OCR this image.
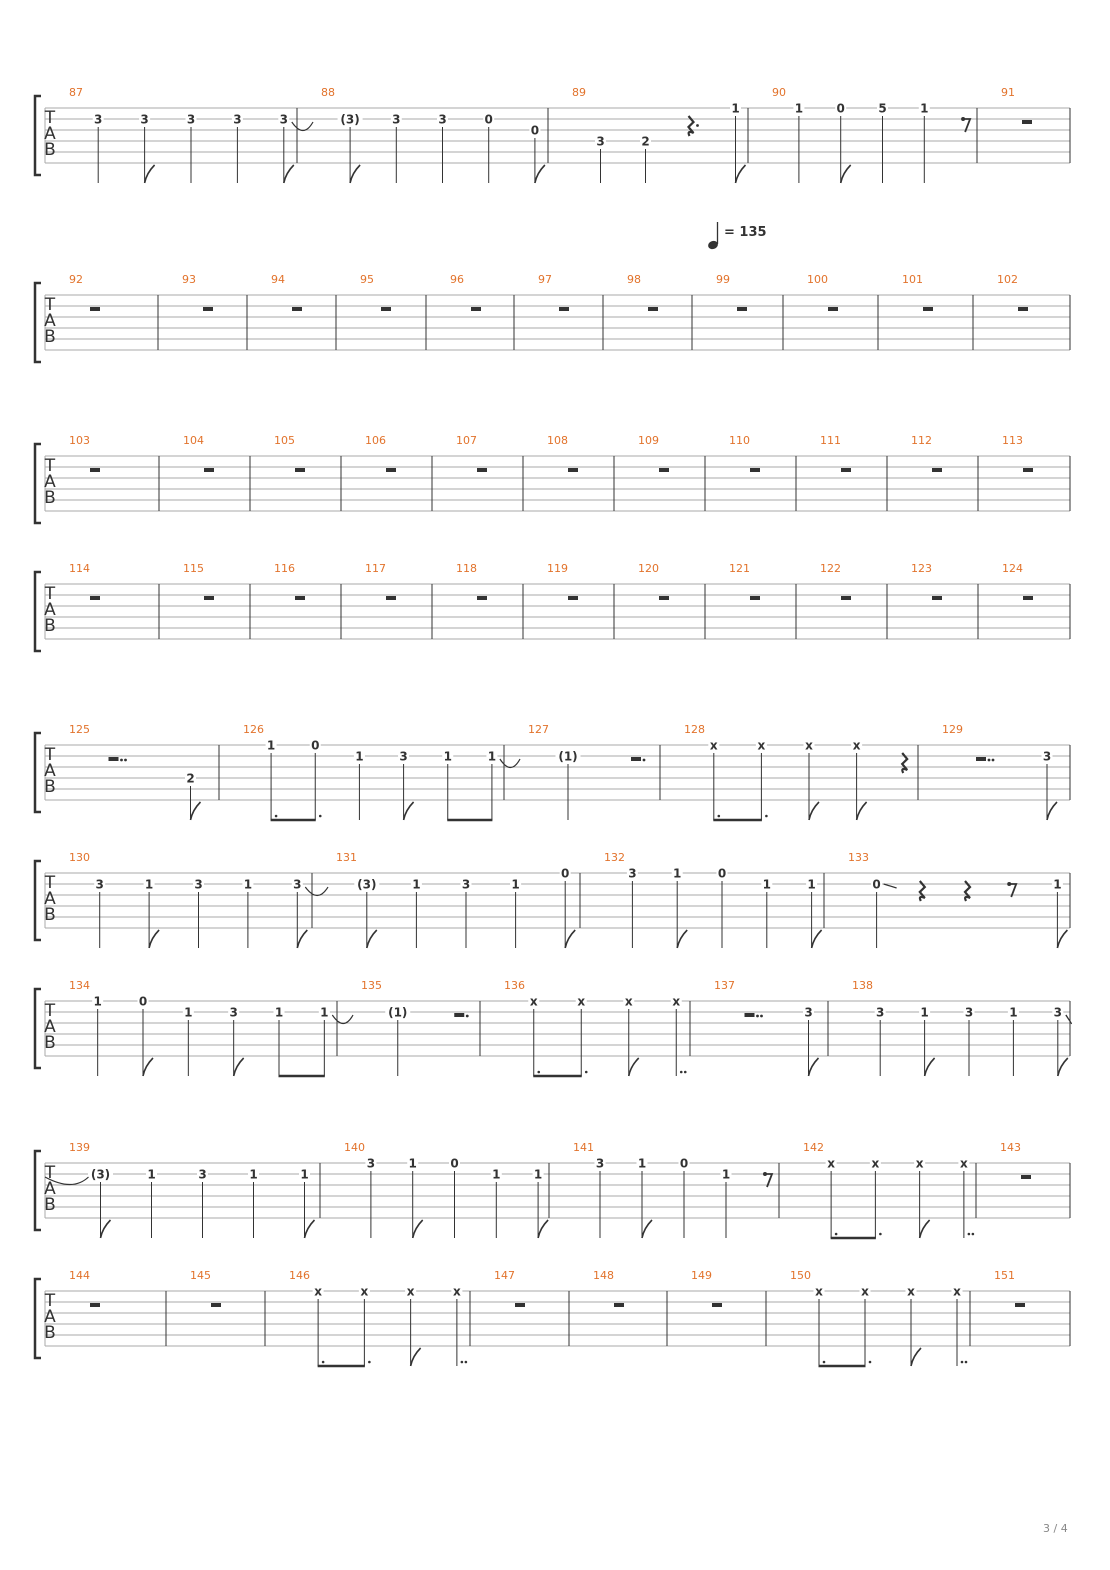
= 135
T
A
B
87
3	3	3	3	3
88
(3)	3	3	0
0
89
3	2
1
90
1	0	5	1
91
T
A
B
92	93	94	95	96	97	98	99	100	101	102
T
A
B
103	104	105	106	107	108	109	110	111	112	113
T
A
B
114	115	116	117	118	119	120	121	122	123	124
T
A
B
125
2
126
1	0
1	3	1	1
127
(1)
128
x	x	x	x
129
3
T
A
B
130
3	1	3	1	3
131
(3)	1	3	1
0
132
3	1	0
1	1
133
0	1
T
A
B
134
1	0
1	3	1	1
135
(1)
136
x	x	x	x
137
3
138
3	1	3	1	3
T
A
B
139
(3)	1	3	1	1
140
3	1	0
1	1
141
3	1	0
1
142
x	x	x	x
143
T
A
B
144	145	146
x	x	x	x
147	148	149	150
x	x	x	x
151
3 / 4
